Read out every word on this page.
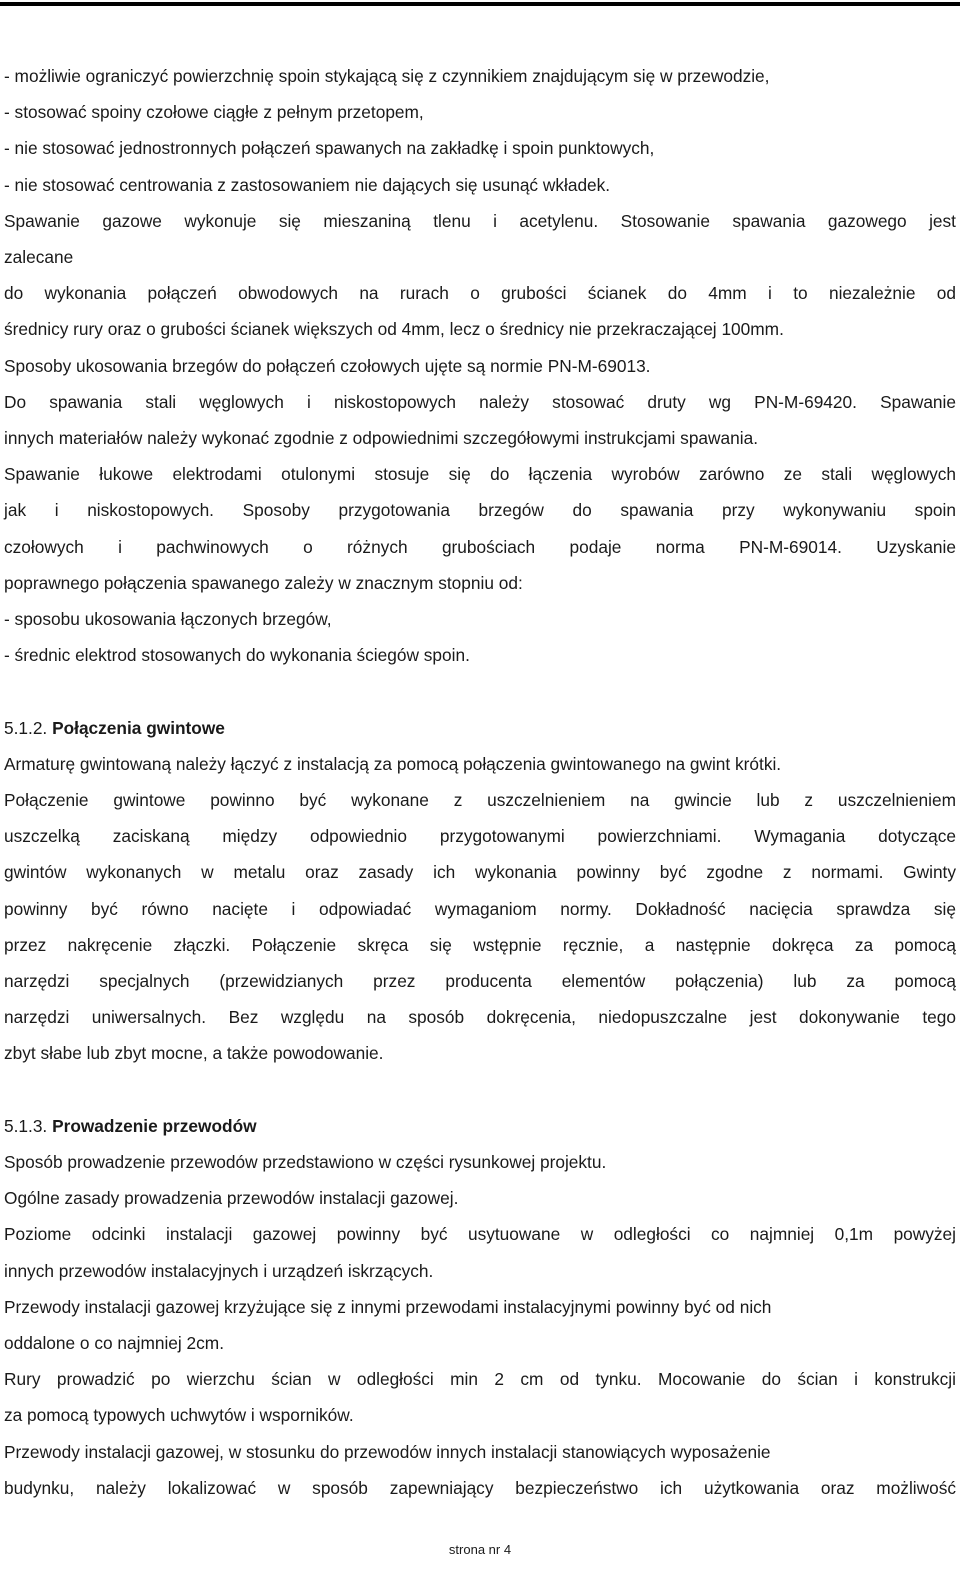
- możliwie ograniczyć powierzchnię spoin stykającą się z czynnikiem znajdującym się w przewodzie,

- stosować spoiny czołowe ciągłe z pełnym przetopem,

- nie stosować jednostronnych połączeń spawanych na zakładkę i spoin punktowych,

- nie stosować centrowania z zastosowaniem nie dających się usunąć wkładek.

Spawanie gazowe wykonuje się mieszaniną tlenu i acetylenu. Stosowanie spawania gazowego jest

zalecane

do wykonania połączeń obwodowych na rurach o grubości ścianek do 4mm i to niezależnie od

średnicy rury oraz o grubości ścianek większych od 4mm, lecz o średnicy nie przekraczającej 100mm.

Sposoby ukosowania brzegów do połączeń czołowych ujęte są normie PN-M-69013.

Do spawania stali węglowych i niskostopowych należy stosować druty wg PN-M-69420. Spawanie

innych materiałów należy wykonać zgodnie z odpowiednimi szczegółowymi instrukcjami spawania.

Spawanie łukowe elektrodami otulonymi stosuje się do łączenia wyrobów zarówno ze stali węglowych

jak i niskostopowych. Sposoby przygotowania brzegów do spawania przy wykonywaniu spoin

czołowych i pachwinowych o różnych grubościach podaje norma PN-M-69014. Uzyskanie

poprawnego połączenia spawanego zależy w znacznym stopniu od:

- sposobu ukosowania łączonych brzegów,

- średnic elektrod stosowanych do wykonania ściegów spoin.

5.1.2. Połączenia gwintowe

Armaturę gwintowaną należy łączyć z instalacją za pomocą połączenia gwintowanego na gwint krótki.

Połączenie gwintowe powinno być wykonane z uszczelnieniem na gwincie lub z uszczelnieniem

uszczelką zaciskaną między odpowiednio przygotowanymi powierzchniami. Wymagania dotyczące

gwintów wykonanych w metalu oraz zasady ich wykonania powinny być zgodne z normami. Gwinty

powinny być równo nacięte i odpowiadać wymaganiom normy. Dokładność nacięcia sprawdza się

przez nakręcenie złączki. Połączenie skręca się wstępnie ręcznie, a następnie dokręca za pomocą

narzędzi specjalnych (przewidzianych przez producenta elementów połączenia) lub za pomocą

narzędzi uniwersalnych. Bez względu na sposób dokręcenia, niedopuszczalne jest dokonywanie tego

zbyt słabe lub zbyt mocne, a także powodowanie.

5.1.3. Prowadzenie przewodów

Sposób prowadzenie przewodów przedstawiono w części rysunkowej projektu.

Ogólne zasady prowadzenia przewodów instalacji gazowej.

Poziome odcinki instalacji gazowej powinny być usytuowane w odległości co najmniej 0,1m powyżej

innych przewodów instalacyjnych i urządzeń iskrzących.

Przewody instalacji gazowej krzyżujące się z innymi przewodami instalacyjnymi powinny być od nich

oddalone o co najmniej 2cm.

Rury prowadzić po wierzchu ścian w odległości min 2 cm od tynku. Mocowanie do ścian i konstrukcji

za pomocą typowych uchwytów i wsporników.

Przewody instalacji gazowej, w stosunku do przewodów innych instalacji stanowiących wyposażenie

budynku, należy lokalizować w sposób zapewniający bezpieczeństwo ich użytkowania oraz możliwość

strona nr 4
